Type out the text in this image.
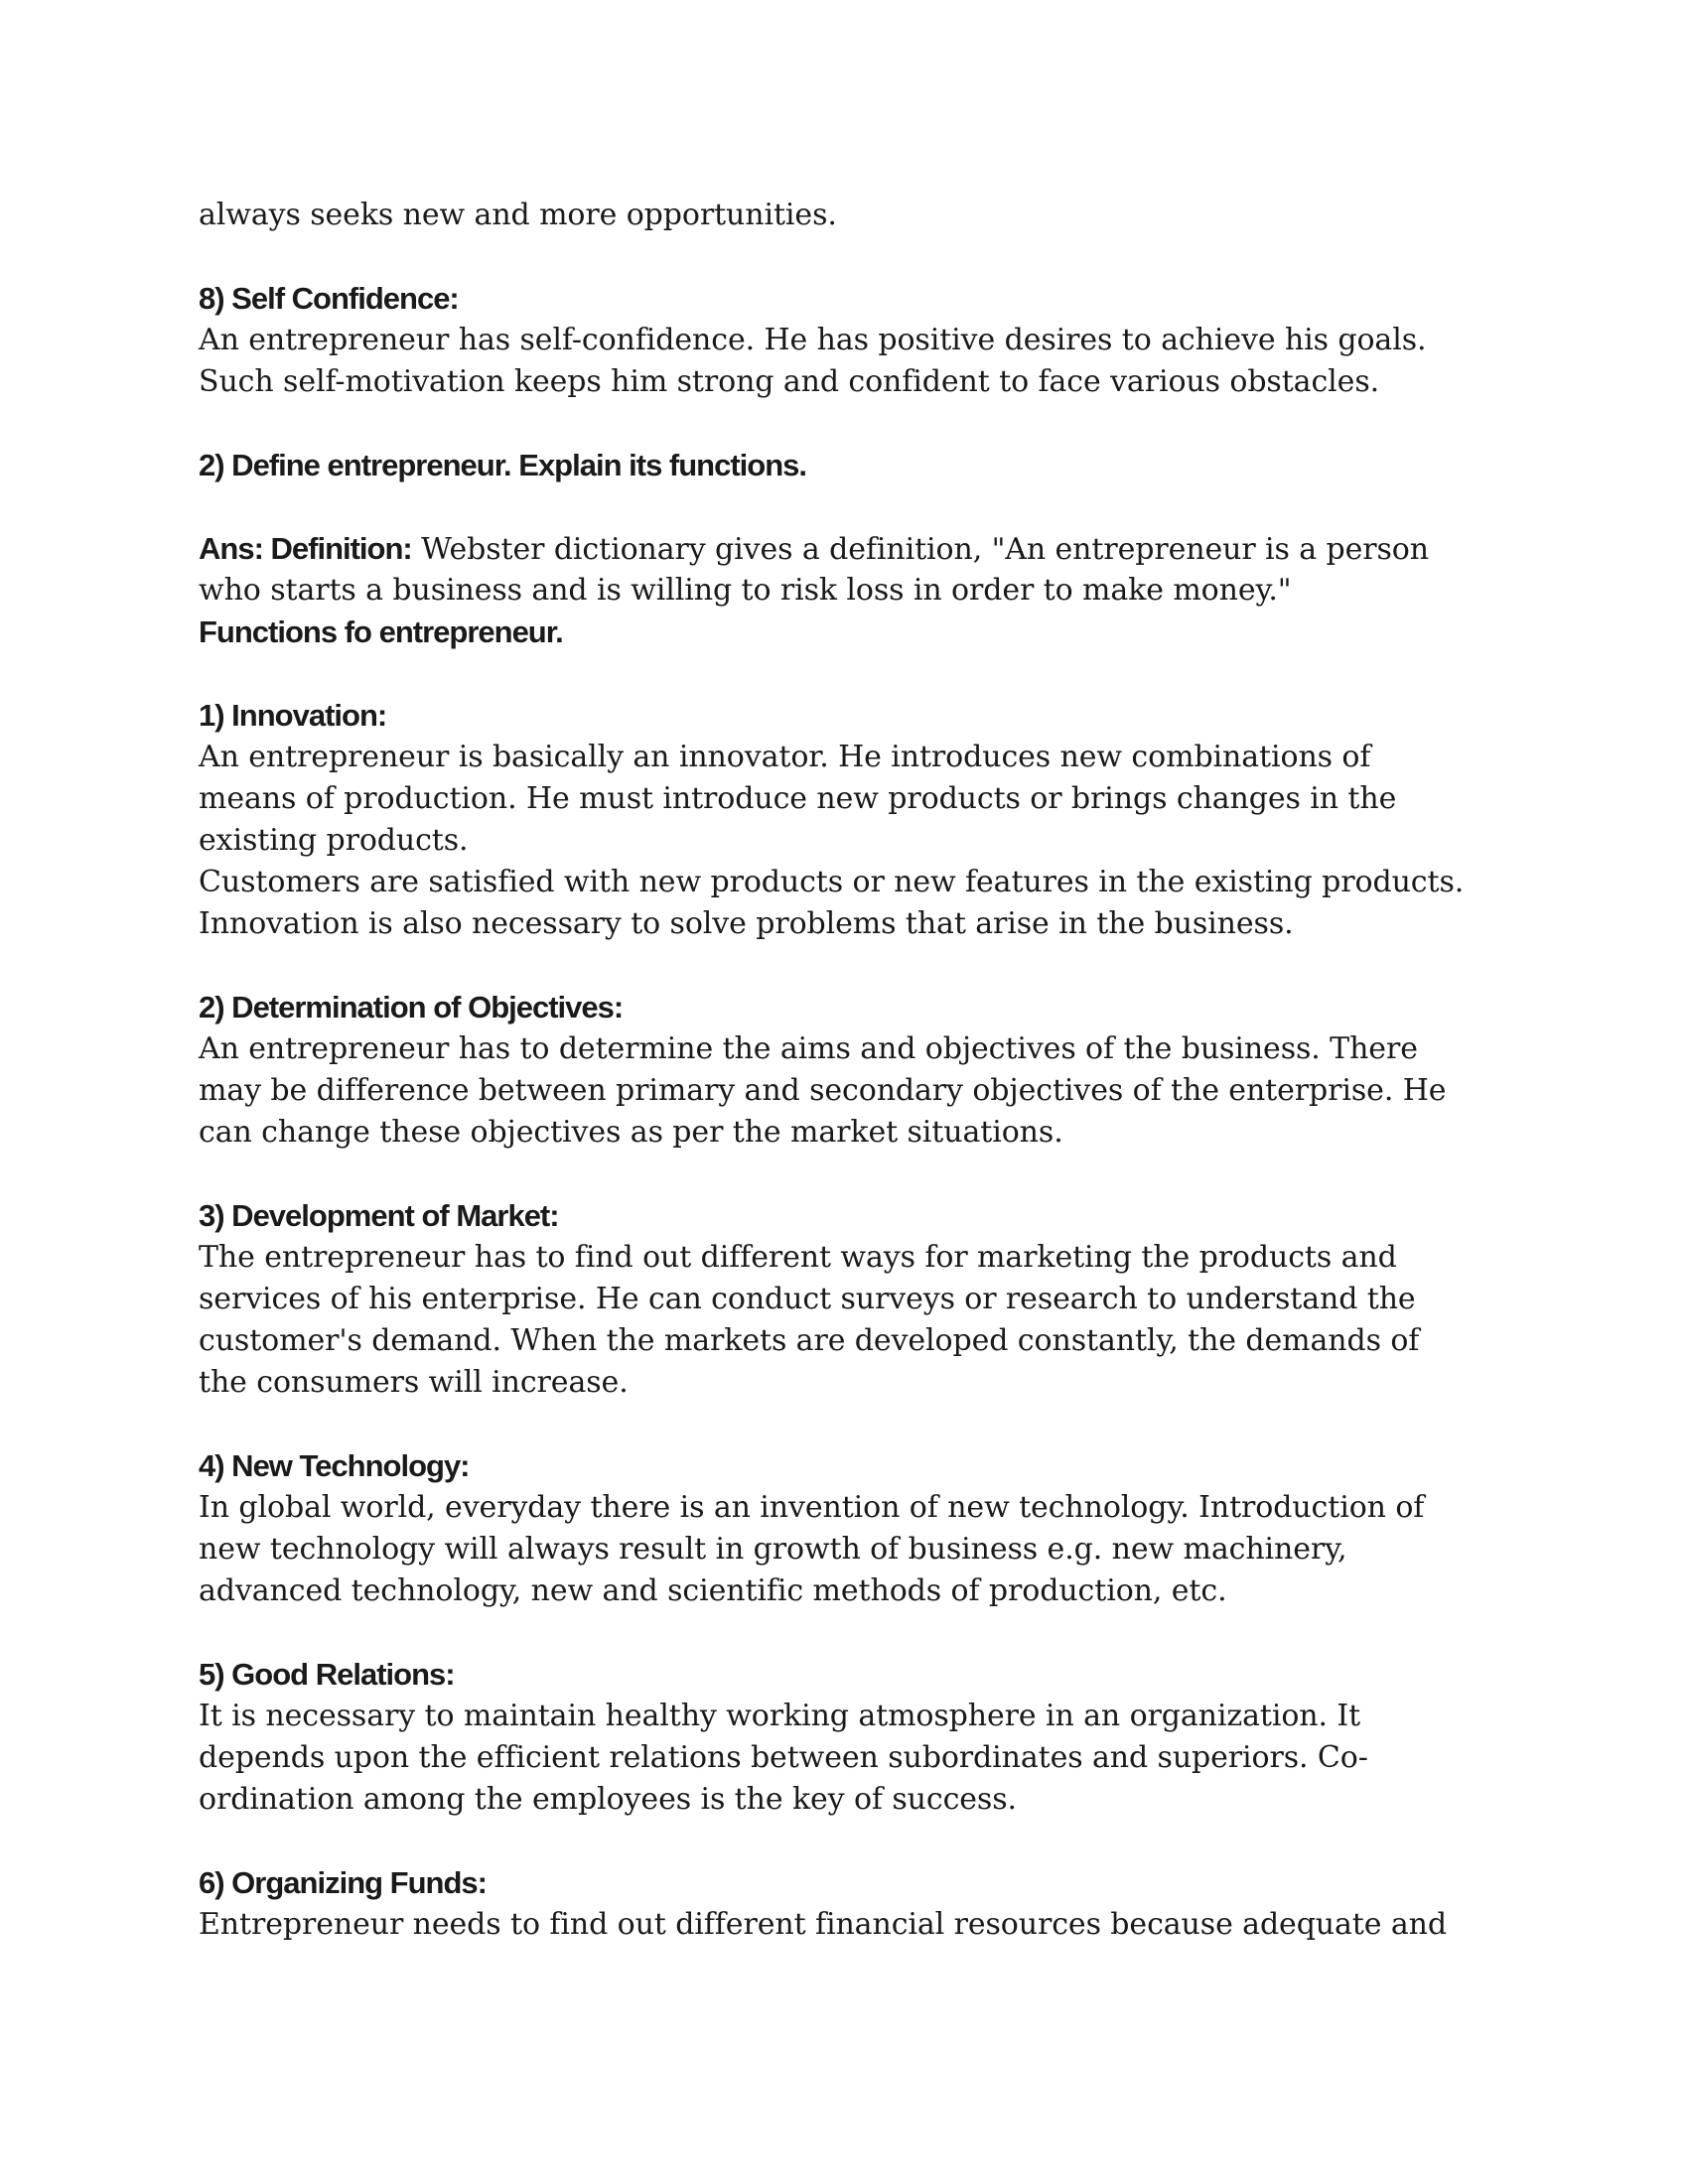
always seeks new and more opportunities.
8) Self Confidence:
An entrepreneur has self-confidence. He has positive desires to achieve his goals.
Such self-motivation keeps him strong and confident to face various obstacles.
2) Define entrepreneur. Explain its functions.
Ans: Definition: Webster dictionary gives a definition, "An entrepreneur is a person
who starts a business and is willing to risk loss in order to make money."
Functions fo entrepreneur.
1) Innovation:
An entrepreneur is basically an innovator. He introduces new combinations of
means of production. He must introduce new products or brings changes in the
existing products.
Customers are satisfied with new products or new features in the existing products.
Innovation is also necessary to solve problems that arise in the business.
2) Determination of Objectives:
An entrepreneur has to determine the aims and objectives of the business. There
may be difference between primary and secondary objectives of the enterprise. He
can change these objectives as per the market situations.
3) Development of Market:
The entrepreneur has to find out different ways for marketing the products and
services of his enterprise. He can conduct surveys or research to understand the
customer's demand. When the markets are developed constantly, the demands of
the consumers will increase.
4) New Technology:
In global world, everyday there is an invention of new technology. Introduction of
new technology will always result in growth of business e.g. new machinery,
advanced technology, new and scientific methods of production, etc.
5) Good Relations:
It is necessary to maintain healthy working atmosphere in an organization. It
depends upon the efficient relations between subordinates and superiors. Co-
ordination among the employees is the key of success.
6) Organizing Funds:
Entrepreneur needs to find out different financial resources because adequate and
